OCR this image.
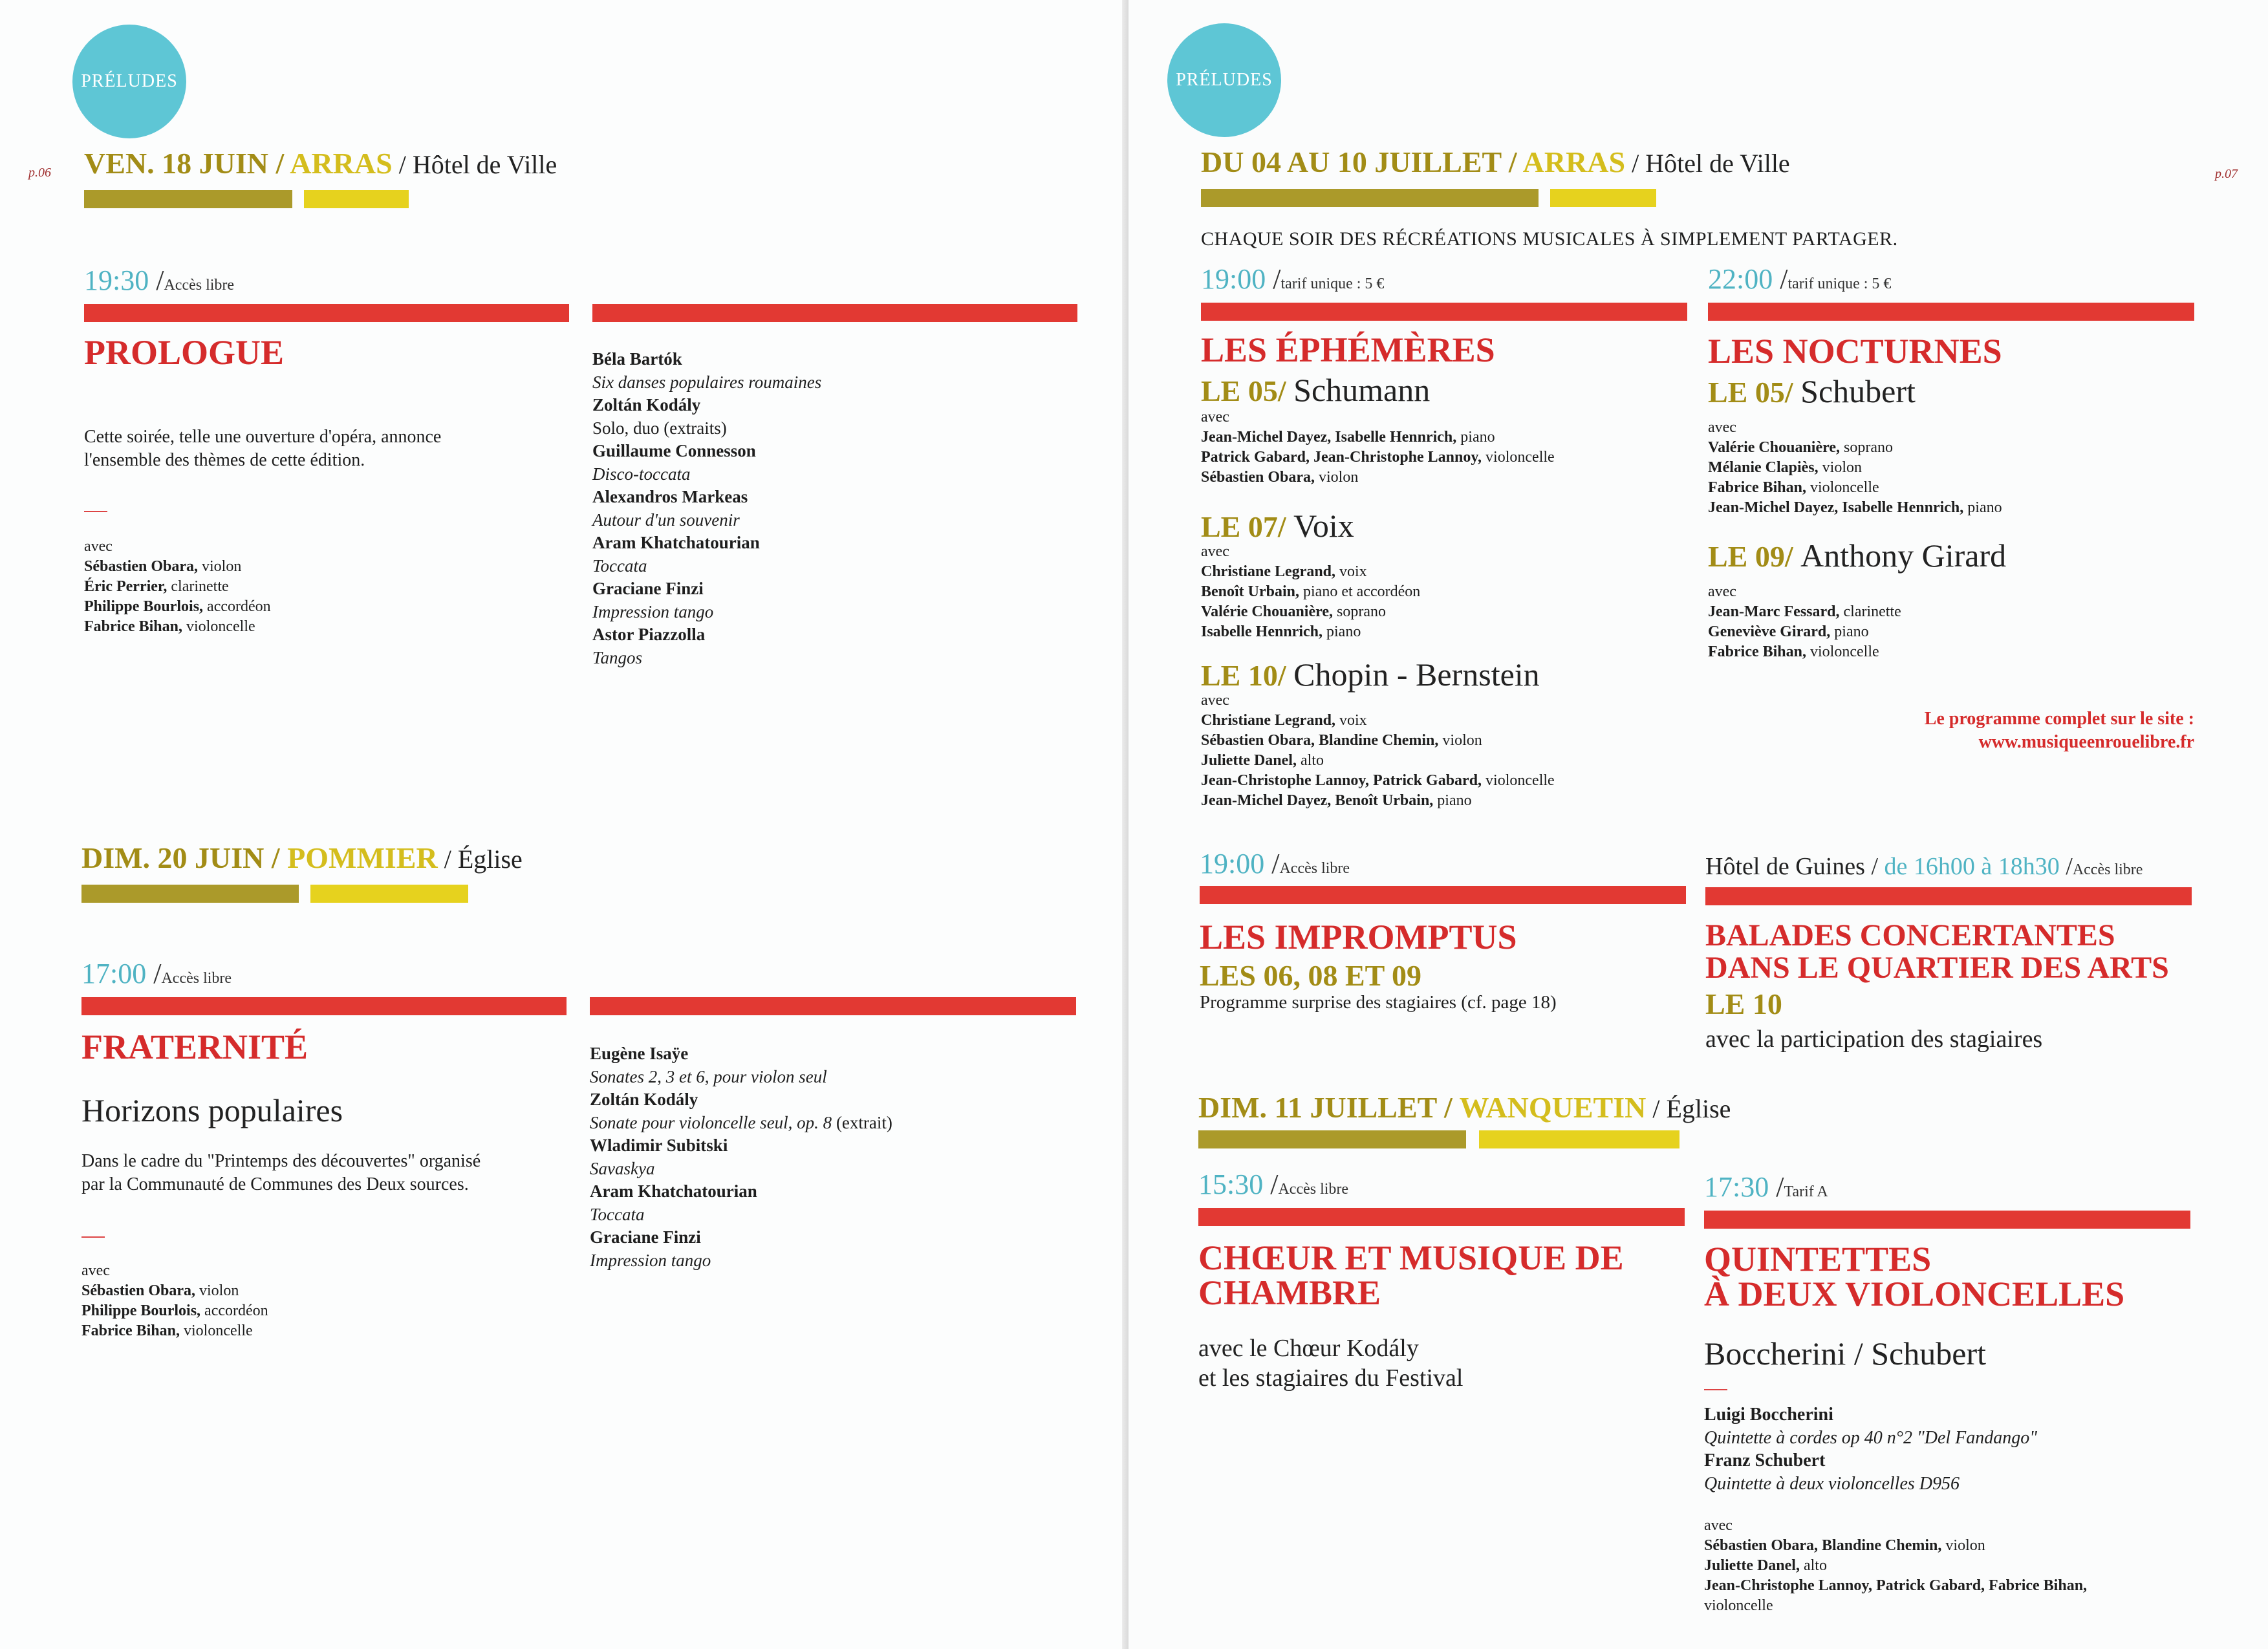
PRÉLUDES
p.06 VEN. 18 JUIN / ARRAS / Hôtel de Ville
19:30 /Accès libre
PROLOGUE
Cette soirée, telle une ouverture d'opéra, annonce
l'ensemble des thèmes de cette édition.
avec
Sébastien Obara, violon
Éric Perrier, clarinette
Philippe Bourlois, accordéon
Fabrice Bihan, violoncelle
Béla Bartók
Six danses populaires roumaines
Zoltán Kodály
Solo, duo (extraits)
Guillaume Connesson
Disco-toccata
Alexandros Markeas
Autour d'un souvenir
Aram Khatchatourian
Toccata
Graciane Finzi
Impression tango
Astor Piazzolla
Tangos
DIM. 20 JUIN / POMMIER / Église
17:00 /Accès libre
FRATERNITÉ
Horizons populaires
Dans le cadre du "Printemps des découvertes" organisé
par la Communauté de Communes des Deux sources.
avec
Sébastien Obara, violon
Philippe Bourlois, accordéon
Fabrice Bihan, violoncelle
Eugène Isaÿe
Sonates 2, 3 et 6, pour violon seul
Zoltán Kodály
Sonate pour violoncelle seul, op. 8 (extrait)
Wladimir Subitski
Savaskya
Aram Khatchatourian
Toccata
Graciane Finzi
Impression tango
PRÉLUDES
p.07
DU 04 AU 10 JUILLET / ARRAS / Hôtel de Ville
CHAQUE SOIR DES RÉCRÉATIONS MUSICALES À SIMPLEMENT PARTAGER.
19:00 /tarif unique : 5 €
LES ÉPHÉMÈRES
LE 05/ Schumann
avec
Jean-Michel Dayez, Isabelle Hennrich, piano
Patrick Gabard, Jean-Christophe Lannoy, violoncelle
Sébastien Obara, violon
LE 07/ Voix
avec
Christiane Legrand, voix
Benoît Urbain, piano et accordéon
Valérie Chouanière, soprano
Isabelle Hennrich, piano
LE 10/ Chopin - Bernstein
avec
Christiane Legrand, voix
Sébastien Obara, Blandine Chemin, violon
Juliette Danel, alto
Jean-Christophe Lannoy, Patrick Gabard, violoncelle
Jean-Michel Dayez, Benoît Urbain, piano
22:00 /tarif unique : 5 €
LES NOCTURNES
LE 05/ Schubert
avec
Valérie Chouanière, soprano
Mélanie Clapiès, violon
Fabrice Bihan, violoncelle
Jean-Michel Dayez, Isabelle Hennrich, piano
LE 09/ Anthony Girard
avec
Jean-Marc Fessard, clarinette
Geneviève Girard, piano
Fabrice Bihan, violoncelle
Le programme complet sur le site :
www.musiqueenrouelibre.fr
19:00 /Accès libre
LES IMPROMPTUS
LES 06, 08 ET 09
Programme surprise des stagiaires (cf. page 18)
Hôtel de Guines / de 16h00 à 18h30 /Accès libre
BALADES CONCERTANTES
DANS LE QUARTIER DES ARTS
LE 10
avec la participation des stagiaires
DIM. 11 JUILLET / WANQUETIN / Église
15:30 /Accès libre
CHŒUR ET MUSIQUE DE
CHAMBRE
avec le Chœur Kodály
et les stagiaires du Festival
17:30 /Tarif A
QUINTETTES
À DEUX VIOLONCELLES
Boccherini / Schubert
Luigi Boccherini
Quintette à cordes op 40 n°2 "Del Fandango"
Franz Schubert
Quintette à deux violoncelles D956
avec
Sébastien Obara, Blandine Chemin, violon
Juliette Danel, alto
Jean-Christophe Lannoy, Patrick Gabard, Fabrice Bihan,
violoncelle
